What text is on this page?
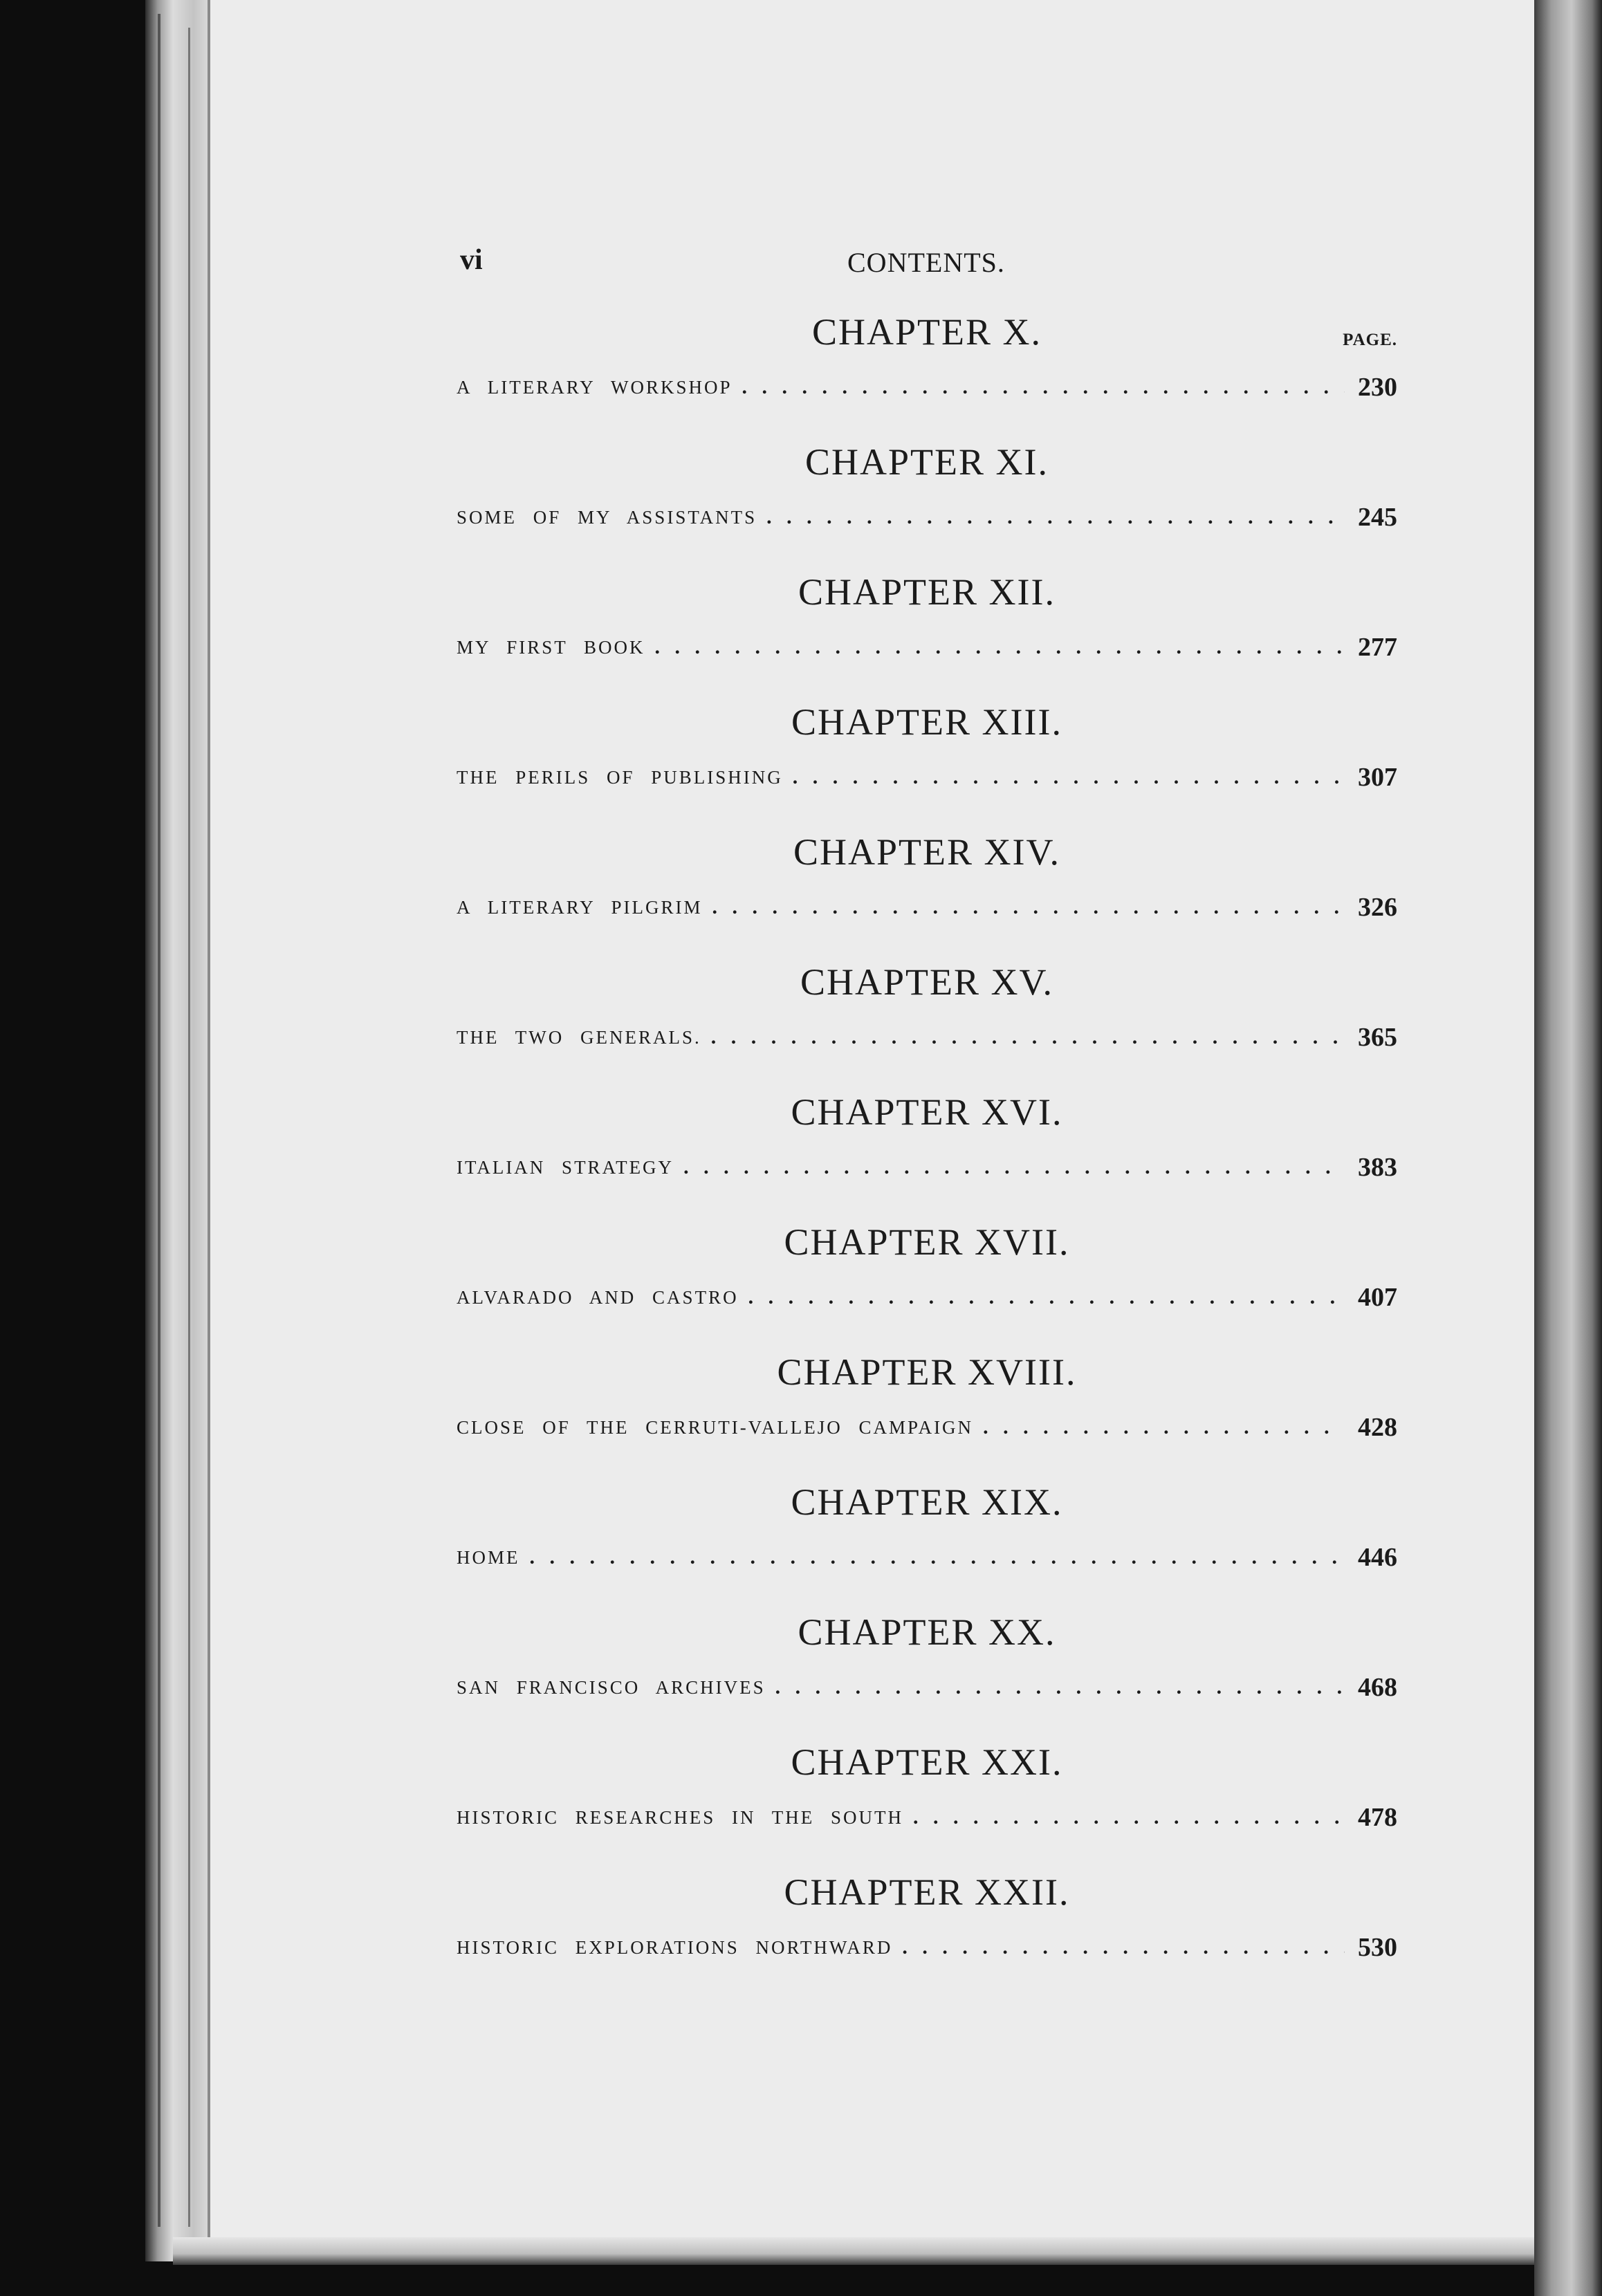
vi	CONTENTS.
CHAPTER X.	PAGE.
A LITERARY WORKSHOP . . .	230
CHAPTER XI.
SOME OF MY ASSISTANTS . . .	245
CHAPTER XII.
MY FIRST BOOK . . .	277
CHAPTER XIII.
THE PERILS OF PUBLISHING . . .	307
CHAPTER XIV.
A LITERARY PILGRIM . . .	326
CHAPTER XV.
THE TWO GENERALS. . . .	365
CHAPTER XVI.
ITALIAN STRATEGY . . .	383
CHAPTER XVII.
ALVARADO AND CASTRO . . .	407
CHAPTER XVIII.
CLOSE OF THE CERRUTI-VALLEJO CAMPAIGN . . .	428
CHAPTER XIX.
HOME . . .	446
CHAPTER XX.
SAN FRANCISCO ARCHIVES . . .	468
CHAPTER XXI.
HISTORIC RESEARCHES IN THE SOUTH . . .	478
CHAPTER XXII.
HISTORIC EXPLORATIONS NORTHWARD . . .	530
